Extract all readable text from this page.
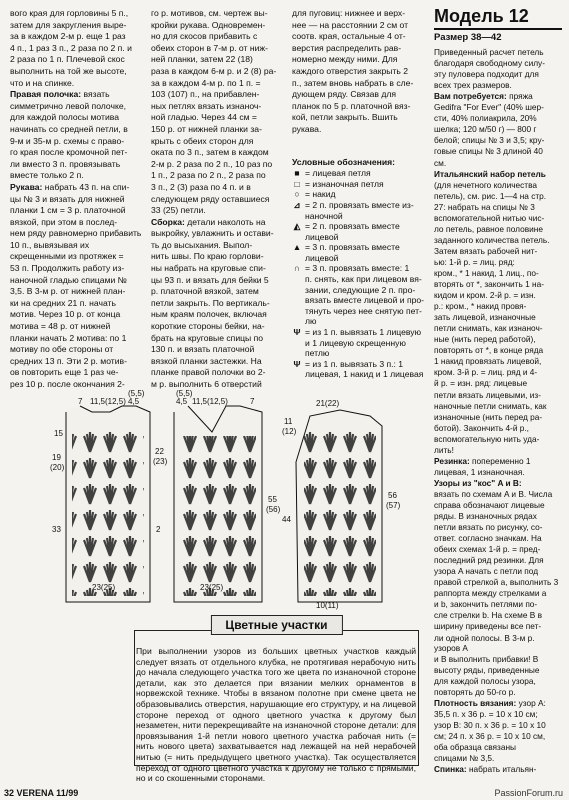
вого края для горловины 5 п.,

затем для закругления выре-

за в каждом 2-м р. еще 1 раз

4 п., 1 раз 3 п., 2 раза по 2 п. и

2 раза по 1 п. Плечевой скос

выполнить на той же высоте,

что и на спинке.

Правая полочка: вязать

симметрично левой полочке,

для каждой полосы мотива

начинать со средней петли, в

9-м и 35-м р. схемы с право-

го края после кромочной пет-

ли вместо 3 п. провязывать

вместе только 2 п.

Рукава: набрать 43 п. на спи-

цы № 3 и вязать для нижней

планки 1 см = 3 р. платочной

вязкой, при этом в послед-

нем ряду равномерно прибавить

10 п., вывязывая их

скрещенными из протяжек =

53 п. Продолжить работу из-

наночной гладью спицами №

3,5. В 3-м р. от нижней план-

ки на средних 21 п. начать

мотив. Через 10 р. от конца

мотива = 48 р. от нижней

планки начать 2 мотива: по 1

мотиву по обе стороны от

средних 13 п. Эти 2 р. мотив-

ов повторить еще 1 раз че-

рез 10 р. после окончания 2-

го р. мотивов, см. чертеж вы-

кройки рукава. Одновремен-

но для скосов прибавить с

обеих сторон в 7-м р. от ниж-

ней планки, затем 22 (18)

раза в каждом 6-м р. и 2 (8) ра-

за в каждом 4-м р. по 1 п. =

103 (107) п., на прибавлен-

ных петлях вязать изнаноч-

ной гладью. Через 44 см =

150 р. от нижней планки за-

крыть с обеих сторон для

оката по 3 п., затем в каждом

2-м р. 2 раза по 2 п., 10 раз по

1 п., 2 раза по 2 п., 2 раза по

3 п., 2 (3) раза по 4 п. и в

следующем ряду оставшиеся

33 (25) петли.

Сборка: детали наколоть на

выкройку, увлажнить и остави-

ть до высыхания. Выпол-

нить швы. По краю горлови-

ны набрать на круговые спи-

цы 93 п. и вязать для бейки 5

р. платочной вязкой, затем

петли закрыть. По вертикаль-

ным краям полочек, включая

короткие стороны бейки, на-

брать на круговые спицы по

130 п. и вязать платочной

вязкой планки застежки. На

планке правой полочки во 2-

м р. выполнить 6 отверстий

для пуговиц: нижнее и верх-

нее — на расстоянии 2 см от

соотв. края, остальные 4 от-

верстия распределить рав-

номерно между ними. Для

каждого отверстия закрыть 2

п., затем вновь набрать в сле-

дующем ряду. Связав для

планок по 5 р. платочной вяз-

кой, петли закрыть. Вшить

рукава.

Условные обозначения:

■ = лицевая петля
□ = изнаночная петля
○ = накид
⊿ = 2 п. провязать вместе из-
наночной
◭ = 2 п. провязать вместе лицевой
▲ = 3 п. провязать вместе лицевой
∩ = 3 п. провязать вместе: 1
п. снять, как при лицевом вя-
зании, следующие 2 п. про-
вязать вместе лицевой и про-
тянуть через нее снятую пет-
лю
Ψ = из 1 п. вывязать 1 лицевую
и 1 лицевую скрещенную
петлю
Ψ = из 1 п. вывязать 3 п.: 1
лицевая, 1 накид и 1 лицевая
Модель 12
Размер 38—42

Приведенный расчет петель

благодаря свободному силу-

эту пуловера подходит для

всех трех размеров.

Вам потребуется: пряжа

Gedifra "For Ever" (40% шер-

сти, 40% полиакрила, 20%

шелка; 120 м/50 г) — 800 г

белой; спицы № 3 и 3,5; кру-

говые спицы № 3 длиной 40

см.

Итальянский набор петель

(для нечетного количества

петель), см. рис. 1—4 на стр.

27: набрать на спицы № 3

вспомогательной нитью чис-

ло петель, равное половине

заданного количества петель.

Затем вязать рабочей нит-

ью: 1-й р. = лиц. ряд:

кром., * 1 накид, 1 лиц., по-

вторять от *, закончить 1 на-

кидом и кром. 2-й р. = изн.

р.: кром., * накид провя-

зать лицевой, изнаночные

петли снимать, как изнаноч-

ные (нить перед работой),

повторять от *, в конце ряда

1 накид провязать лицевой,

кром. 3-й р. = лиц. ряд и 4-

й р. = изн. ряд: лицевые

петли вязать лицевыми, из-

наночные петли снимать, как

изнаночные (нить перед ра-

ботой). Закончить 4-й р.,

вспомогательную нить уда-

лить!

Резинка: попеременно 1

лицевая, 1 изнаночная.

Узоры из "кос" A и B:

вязать по схемам A и B. Числа

справа обозначают лицевые

ряды. В изнаночных рядах

петли вязать по рисунку, со-

ответ. согласно значкам. На

обеих схемах 1-й р. = пред-

последний ряд резинки. Для

узора A начать с петли под

правой стрелкой а, выполнить 3

раппорта между стрелками а

и b, закончить петлями по-

сле стрелки b. На схеме B в

ширину приведены все пет-

ли одной полосы. В 3-м р. узоров A

и B выполнить прибавки! В

высоту ряды, приведенные

для каждой полосы узора,

повторять до 50-го р.

Плотность вязания: узор А:

35,5 п. х 36 р. = 10 х 10 см;

узор В: 30 п. х 36 р. = 10 х 10

см; 24 п. х 36 р. = 10 х 10 см,

оба образца связаны

спицами № 3,5.

Спинка: набрать итальян-

7 11,5(12,5) 4,5
(5,5)
15
19
(20)
33
22
(23)
2
23(25)
(5,5)
4,5 11,5(12,5)	7
55
(56)
23(25)
21(22)
11
(12)
44
56
(57)
10(11)
Цветные участки
При выполнении узоров из больших цветных участков каждый следует вязать от отдельного клубка, не протягивая нерабочую нить до начала следующего участка того же цвета по изнаночной стороне детали, как это делается при вязании мелких орнаментов в норвежской технике. Чтобы в вязаном полотне при смене цвета не образовывались отверстия, нарушающие его структуру, и на лицевой стороне переход от одного цветного участка к другому был незаметен, нити перекрещивайте на изнаночной стороне детали: для провязывания 1-й петли нового цветного участка рабочая нить (= нить нового цвета) захватывается над лежащей на ней нерабочей нитью (= нить предыдущего цветного участка). Так осуществляется переход от одного цветного участка к другому не только с прямыми, но и со скошенными сторонами.
32 VERENA 11/99	PassionForum.ru
